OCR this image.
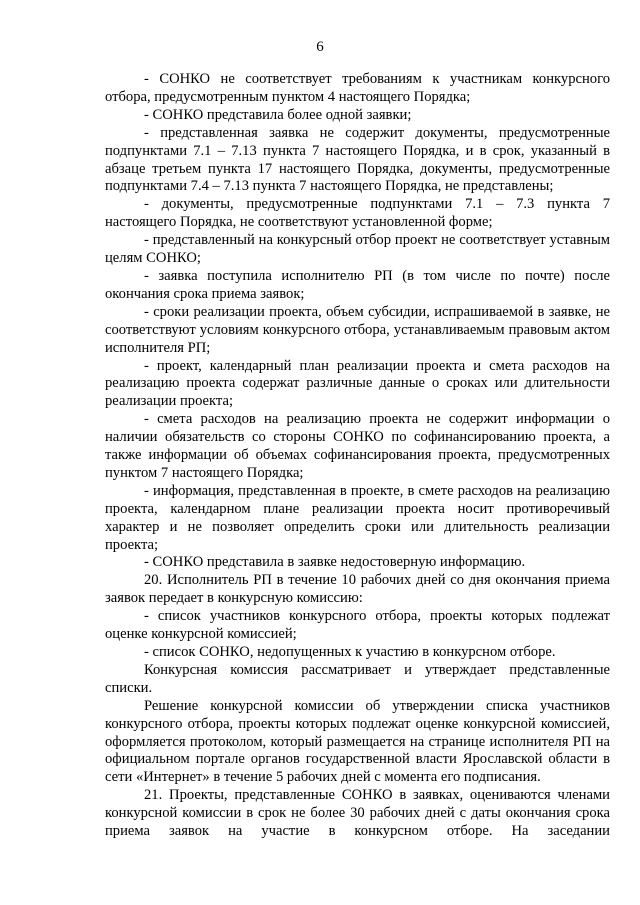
6

- СОНКО не соответствует требованиям к участникам конкурсного отбора, предусмотренным пунктом 4 настоящего Порядка;

- СОНКО представила более одной заявки;

- представленная заявка не содержит документы, предусмотренные подпунктами 7.1 – 7.13 пункта 7 настоящего Порядка, и в срок, указанный в абзаце третьем пункта 17 настоящего Порядка, документы, предусмотренные подпунктами 7.4 – 7.13 пункта 7 настоящего Порядка, не представлены;

- документы, предусмотренные подпунктами 7.1 – 7.3 пункта 7 настоящего Порядка, не соответствуют установленной форме;

- представленный на конкурсный отбор проект не соответствует уставным целям СОНКО;

- заявка поступила исполнителю РП (в том числе по почте) после окончания срока приема заявок;

- сроки реализации проекта, объем субсидии, испрашиваемой в заявке, не соответствуют условиям конкурсного отбора, устанавливаемым правовым актом исполнителя РП;

- проект, календарный план реализации проекта и смета расходов на реализацию проекта содержат различные данные о сроках или длительности реализации проекта;

- смета расходов на реализацию проекта не содержит информации о наличии обязательств со стороны СОНКО по софинансированию проекта, а также информации об объемах софинансирования проекта, предусмотренных пунктом 7 настоящего Порядка;

- информация, представленная в проекте, в смете расходов на реализацию проекта, календарном плане реализации проекта носит противоречивый характер и не позволяет определить сроки или длительность реализации проекта;

- СОНКО представила в заявке недостоверную информацию.

20. Исполнитель РП в течение 10 рабочих дней со дня окончания приема заявок передает в конкурсную комиссию:

- список участников конкурсного отбора, проекты которых подлежат оценке конкурсной комиссией;

- список СОНКО, недопущенных к участию в конкурсном отборе.

Конкурсная комиссия рассматривает и утверждает представленные списки.

Решение конкурсной комиссии об утверждении списка участников конкурсного отбора, проекты которых подлежат оценке конкурсной комиссией, оформляется протоколом, который размещается на странице исполнителя РП на официальном портале органов государственной власти Ярославской области в сети «Интернет» в течение 5 рабочих дней с момента его подписания.

21. Проекты, представленные СОНКО в заявках, оцениваются членами конкурсной комиссии в срок не более 30 рабочих дней с даты окончания срока приема заявок на участие в конкурсном отборе. На заседании
